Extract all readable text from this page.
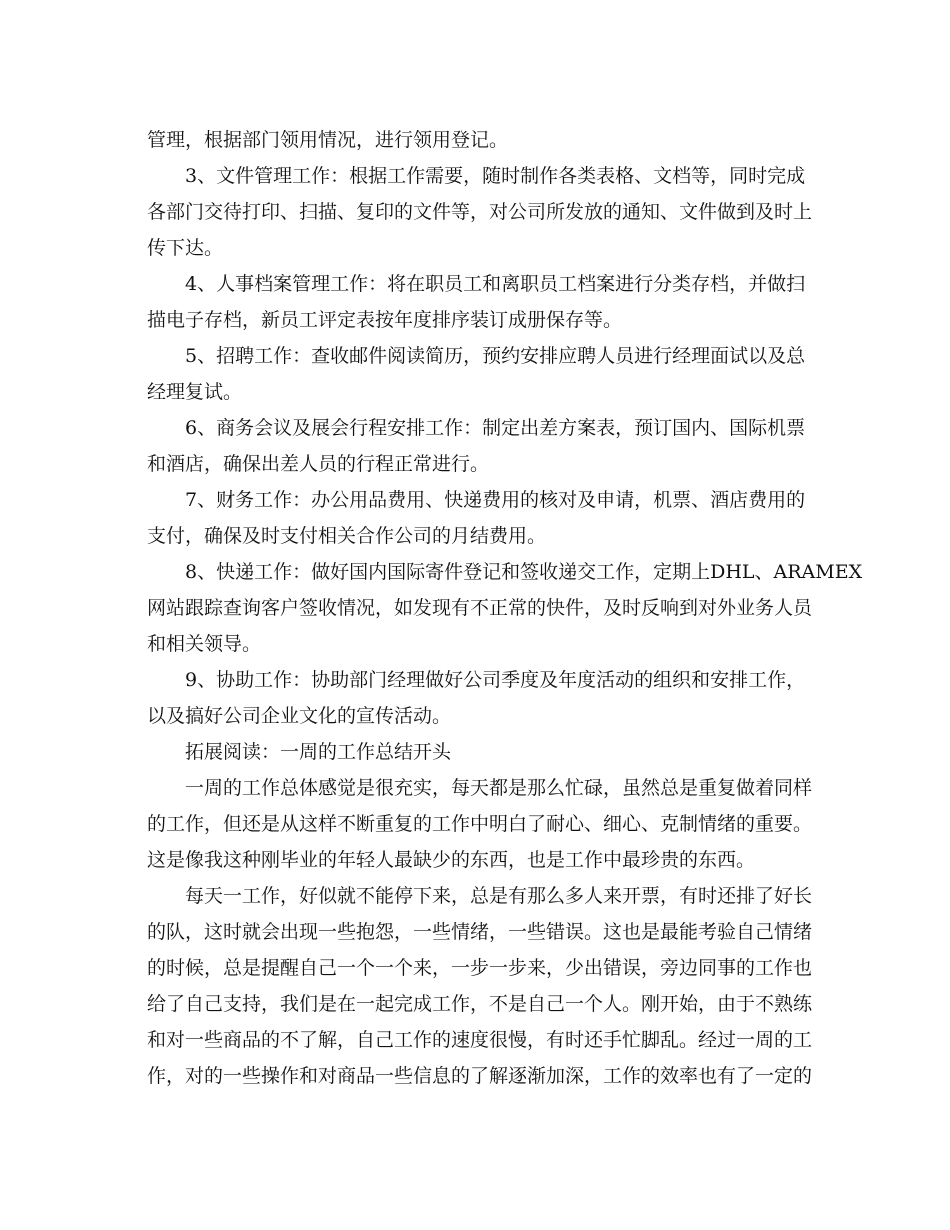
管理，根据部门领用情况，进行领用登记。
3、文件管理工作：根据工作需要，随时制作各类表格、文档等，同时完成
各部门交待打印、扫描、复印的文件等，对公司所发放的通知、文件做到及时上
传下达。
4、人事档案管理工作：将在职员工和离职员工档案进行分类存档，并做扫
描电子存档，新员工评定表按年度排序装订成册保存等。
5、招聘工作：查收邮件阅读简历，预约安排应聘人员进行经理面试以及总
经理复试。
6、商务会议及展会行程安排工作：制定出差方案表，预订国内、国际机票
和酒店，确保出差人员的行程正常进行。
7、财务工作：办公用品费用、快递费用的核对及申请，机票、酒店费用的
支付，确保及时支付相关合作公司的月结费用。
8、快递工作：做好国内国际寄件登记和签收递交工作，定期上DHL、ARAMEX
网站跟踪查询客户签收情况，如发现有不正常的快件，及时反响到对外业务人员
和相关领导。
9、协助工作：协助部门经理做好公司季度及年度活动的组织和安排工作，
以及搞好公司企业文化的宣传活动。
拓展阅读：一周的工作总结开头
一周的工作总体感觉是很充实，每天都是那么忙碌，虽然总是重复做着同样
的工作，但还是从这样不断重复的工作中明白了耐心、细心、克制情绪的重要。
这是像我这种刚毕业的年轻人最缺少的东西，也是工作中最珍贵的东西。
每天一工作，好似就不能停下来，总是有那么多人来开票，有时还排了好长
的队，这时就会出现一些抱怨，一些情绪，一些错误。这也是最能考验自己情绪
的时候，总是提醒自己一个一个来，一步一步来，少出错误，旁边同事的工作也
给了自己支持，我们是在一起完成工作，不是自己一个人。刚开始，由于不熟练
和对一些商品的不了解，自己工作的速度很慢，有时还手忙脚乱。经过一周的工
作，对的一些操作和对商品一些信息的了解逐渐加深，工作的效率也有了一定的
